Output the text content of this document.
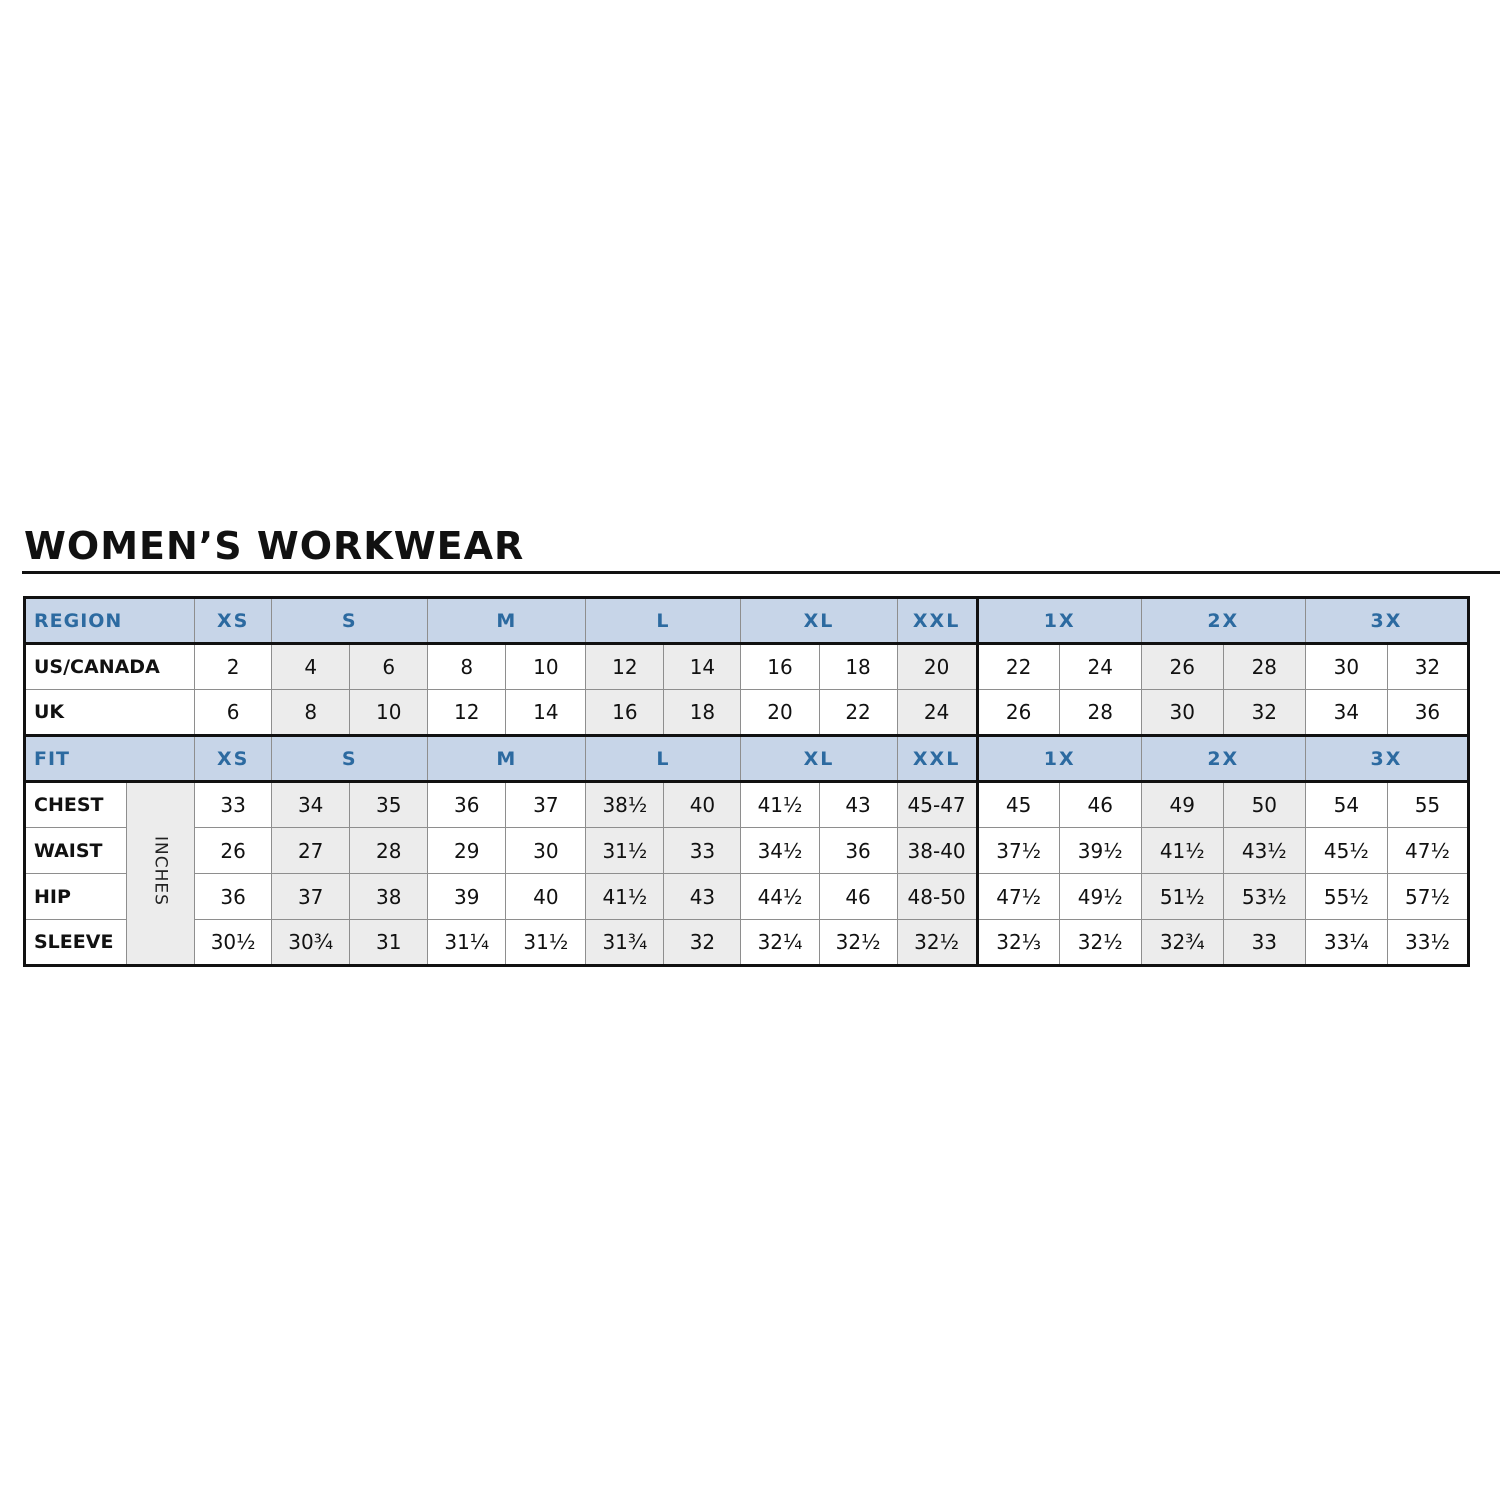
WOMEN’S WORKWEAR
REGION		XS	S		M		L		XL		XXL	1X		2X		3X	
US/CANADA		2	4	6	8	10	12	14	16	18	20	22	24	26	28	30	32
UK		6	8	10	12	14	16	18	20	22	24	26	28	30	32	34	36
FIT		XS	S		M		L		XL		XXL	1X		2X		3X	
CHEST	INCHES	33	34	35	36	37	38½	40	41½	43	45-47	45	46	49	50	54	55
WAIST		26	27	28	29	30	31½	33	34½	36	38-40	37½	39½	41½	43½	45½	47½
HIP		36	37	38	39	40	41½	43	44½	46	48-50	47½	49½	51½	53½	55½	57½
SLEEVE		30½	30¾	31	31¼	31½	31¾	32	32¼	32½	32½	32⅓	32½	32¾	33	33¼	33½
